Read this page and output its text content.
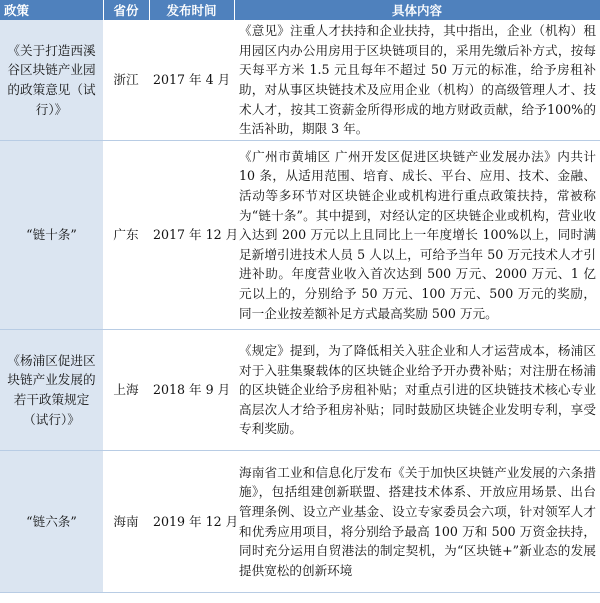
政策	省份	发布时间	具体内容
《关于打造西溪谷区块链产业园的政策意见（试行）》	浙江	2017 年 4 月	《意见》注重人才扶持和企业扶持，其中指出，企业（机构）租用园区内办公用房用于区块链项目的，采用先缴后补方式，按每天每平方米 1.5 元且每年不超过 50 万元的标准，给予房租补助，对从事区块链技术及应用企业（机构）的高级管理人才、技术人才，按其工资薪金所得形成的地方财政贡献，给予100%的生活补助，期限 3 年。
“链十条”	广东	2017 年 12 月	《广州市黄埔区 广州开发区促进区块链产业发展办法》内共计 10 条，从适用范围、培育、成长、平台、应用、技术、金融、活动等多环节对区块链企业或机构进行重点政策扶持，常被称为“链十条”。其中提到，对经认定的区块链企业或机构，营业收入达到 200 万元以上且同比上一年度增长 100%以上，同时满足新增引进技术人员 5 人以上，可给予当年 50 万元技术人才引进补助。年度营业收入首次达到 500 万元、2000 万元、1 亿元以上的，分别给予 50 万元、100 万元、500 万元的奖励，同一企业按差额补足方式最高奖励 500 万元。
《杨浦区促进区块链产业发展的若干政策规定（试行）》	上海	2018 年 9 月	《规定》提到，为了降低相关入驻企业和人才运营成本，杨浦区对于入驻集聚载体的区块链企业给予开办费补贴；对注册在杨浦的区块链企业给予房租补贴；对重点引进的区块链技术核心专业高层次人才给予租房补贴；同时鼓励区块链企业发明专利，享受专利奖励。
“链六条”	海南	2019 年 12 月	海南省工业和信息化厅发布《关于加快区块链产业发展的六条措施》，包括组建创新联盟、搭建技术体系、开放应用场景、出台管理条例、设立产业基金、设立专家委员会六项，针对领军人才和优秀应用项目，将分别给予最高 100 万和 500 万资金扶持，同时充分运用自贸港法的制定契机，为“区块链+”新业态的发展提供宽松的创新环境
